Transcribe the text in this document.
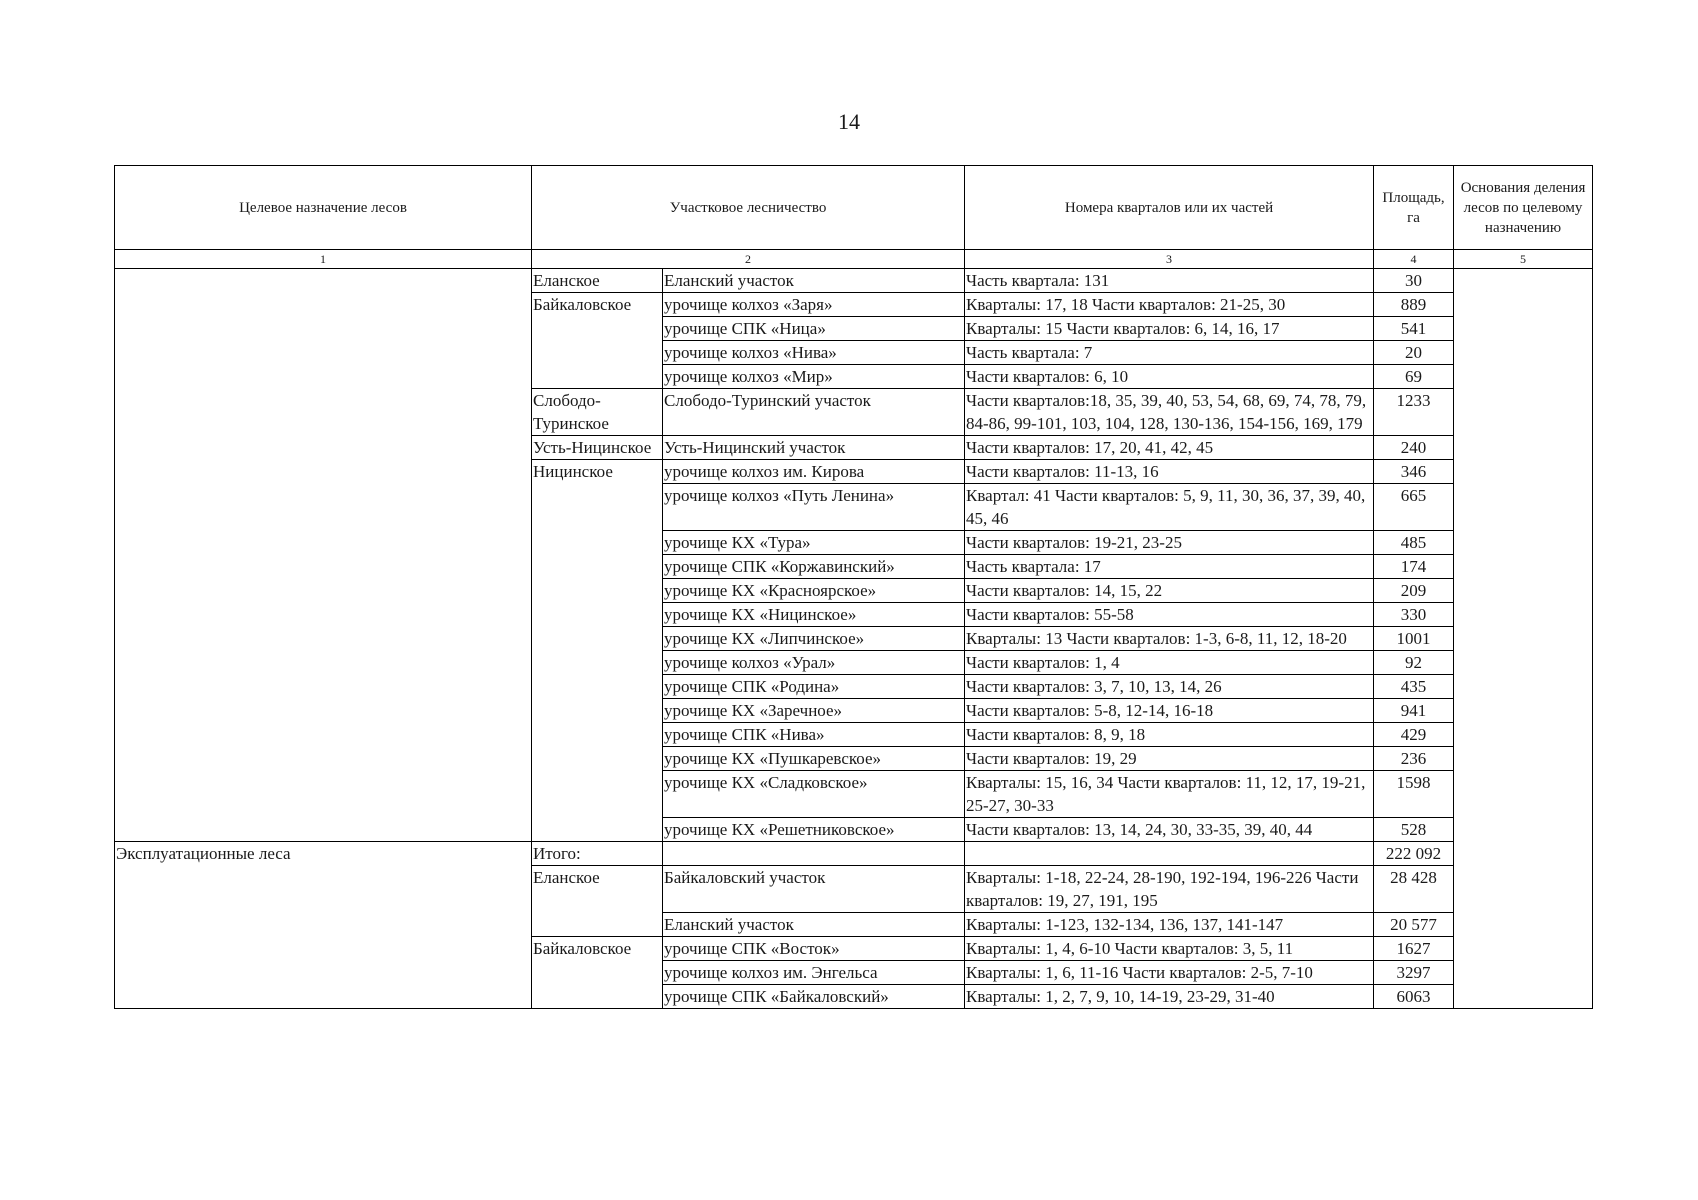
14
Целевое назначение лесов	Участковое лесничество		Номера кварталов или их частей	Площадь, га	Основания деления лесов по целевому назначению
1	2		3	4	5
	Еланское	Еланский участок	Часть квартала: 131	30	
	Байкаловское	урочище колхоз «Заря»	Кварталы: 17, 18 Части кварталов: 21-25, 30	889	
		урочище СПК «Ница»	Кварталы: 15 Части кварталов: 6, 14, 16, 17	541	
		урочище колхоз «Нива»	Часть квартала: 7	20	
		урочище колхоз «Мир»	Части кварталов: 6, 10	69	
	Слободо-Туринское	Слободо-Туринский участок	Части кварталов:18, 35, 39, 40, 53, 54, 68, 69, 74, 78, 79, 84-86, 99-101, 103, 104, 128, 130-136, 154-156, 169, 179	1233	
	Усть-Ницинское	Усть-Ницинский участок	Части кварталов: 17, 20, 41, 42, 45	240	
	Ницинское	урочище колхоз им. Кирова	Части кварталов: 11-13, 16	346	
		урочище колхоз «Путь Ленина»	Квартал: 41 Части кварталов: 5, 9, 11, 30, 36, 37, 39, 40, 45, 46	665	
		урочище КХ «Тура»	Части кварталов: 19-21, 23-25	485	
		урочище СПК «Коржавинский»	Часть квартала: 17	174	
		урочище КХ «Красноярское»	Части кварталов: 14, 15, 22	209	
		урочище КХ «Ницинское»	Части кварталов: 55-58	330	
		урочище КХ «Липчинское»	Кварталы: 13 Части кварталов: 1-3, 6-8, 11, 12, 18-20	1001	
		урочище колхоз «Урал»	Части кварталов: 1, 4	92	
		урочище СПК «Родина»	Части кварталов: 3, 7, 10, 13, 14, 26	435	
		урочище КХ «Заречное»	Части кварталов: 5-8, 12-14, 16-18	941	
		урочище СПК «Нива»	Части кварталов: 8, 9, 18	429	
		урочище КХ «Пушкаревское»	Части кварталов: 19, 29	236	
		урочище КХ «Сладковское»	Кварталы: 15, 16, 34 Части кварталов: 11, 12, 17, 19-21, 25-27, 30-33	1598	
		урочище КХ «Решетниковское»	Части кварталов: 13, 14, 24, 30, 33-35, 39, 40, 44	528	
Эксплуатационные леса	Итого:			222 092	
	Еланское	Байкаловский участок	Кварталы: 1-18, 22-24, 28-190, 192-194, 196-226 Части кварталов: 19, 27, 191, 195	28 428	
		Еланский участок	Кварталы: 1-123, 132-134, 136, 137, 141-147	20 577	
	Байкаловское	урочище СПК «Восток»	Кварталы: 1, 4, 6-10 Части кварталов: 3, 5, 11	1627	
		урочище колхоз им. Энгельса	Кварталы: 1, 6, 11-16 Части кварталов: 2-5, 7-10	3297	
		урочище СПК «Байкаловский»	Кварталы: 1, 2, 7, 9, 10, 14-19, 23-29, 31-40	6063	
